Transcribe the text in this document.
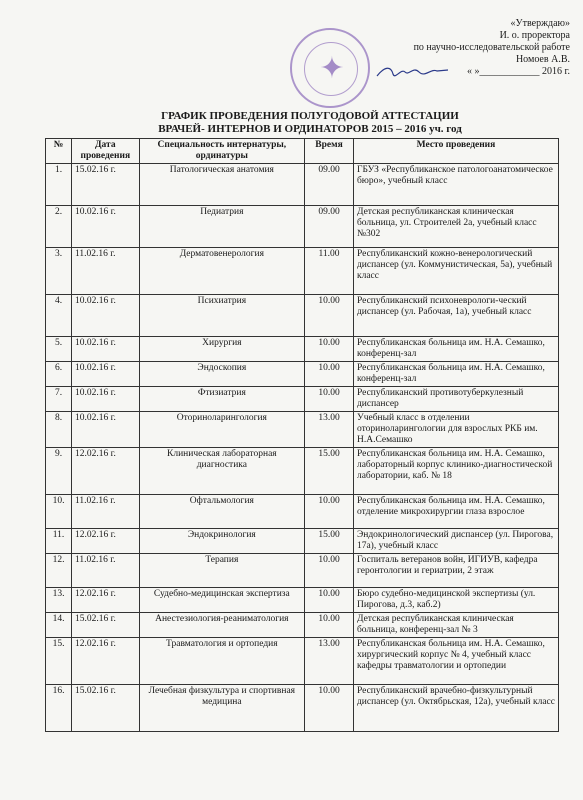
✦
«Утверждаю»
И. о. проректора
по научно-исследовательской работе
Номоев А.В.
« »____________ 2016 г.
ГРАФИК ПРОВЕДЕНИЯ ПОЛУГОДОВОЙ АТТЕСТАЦИИ
ВРАЧЕЙ- ИНТЕРНОВ И ОРДИНАТОРОВ 2015 – 2016 уч. год
№	Дата проведения	Специальность интернатуры, ординатуры	Время	Место проведения
1.	15.02.16 г.	Патологическая анатомия	09.00	ГБУЗ «Республиканское патологоанатомическое бюро», учебный класс
2.	10.02.16 г.	Педиатрия	09.00	Детская республиканская клиническая больница, ул. Строителей 2а, учебный класс №302
3.	11.02.16 г.	Дерматовенерология	11.00	Республиканский кожно-венерологический диспансер (ул. Коммунистическая, 5а), учебный класс
4.	10.02.16 г.	Психиатрия	10.00	Республиканский психоневрологи-ческий диспансер (ул. Рабочая, 1а), учебный класс
5.	10.02.16 г.	Хирургия	10.00	Республиканская больница им. Н.А. Семашко, конференц-зал
6.	10.02.16 г.	Эндоскопия	10.00	Республиканская больница им. Н.А. Семашко, конференц-зал
7.	10.02.16 г.	Фтизиатрия	10.00	Республиканский противотуберкулезный диспансер
8.	10.02.16 г.	Оториноларингология	13.00	Учебный класс в отделении оториноларингологии для взрослых РКБ им. Н.А.Семашко
9.	12.02.16 г.	Клиническая лабораторная диагностика	15.00	Республиканская больница им. Н.А. Семашко, лабораторный корпус клинико-диагностической лаборатории, каб. № 18
10.	11.02.16 г.	Офтальмология	10.00	Республиканская больница им. Н.А. Семашко, отделение микрохирургии глаза взрослое
11.	12.02.16 г.	Эндокринология	15.00	Эндокринологический диспансер (ул. Пирогова, 17а), учебный класс
12.	11.02.16 г.	Терапия	10.00	Госпиталь ветеранов войн, ИГИУВ, кафедра геронтологии и гериатрии, 2 этаж
13.	12.02.16 г.	Судебно-медицинская экспертиза	10.00	Бюро судебно-медицинской экспертизы (ул. Пирогова, д.3, каб.2)
14.	15.02.16 г.	Анестезиология-реаниматология	10.00	Детская республиканская клиническая больница, конференц-зал № 3
15.	12.02.16 г.	Травматология и ортопедия	13.00	Республиканская больница им. Н.А. Семашко, хирургический корпус № 4, учебный класс кафедры травматологии и ортопедии
16.	15.02.16 г.	Лечебная физкультура и спортивная медицина	10.00	Республиканский врачебно-физкультурный диспансер (ул. Октябрьская, 12а), учебный класс
